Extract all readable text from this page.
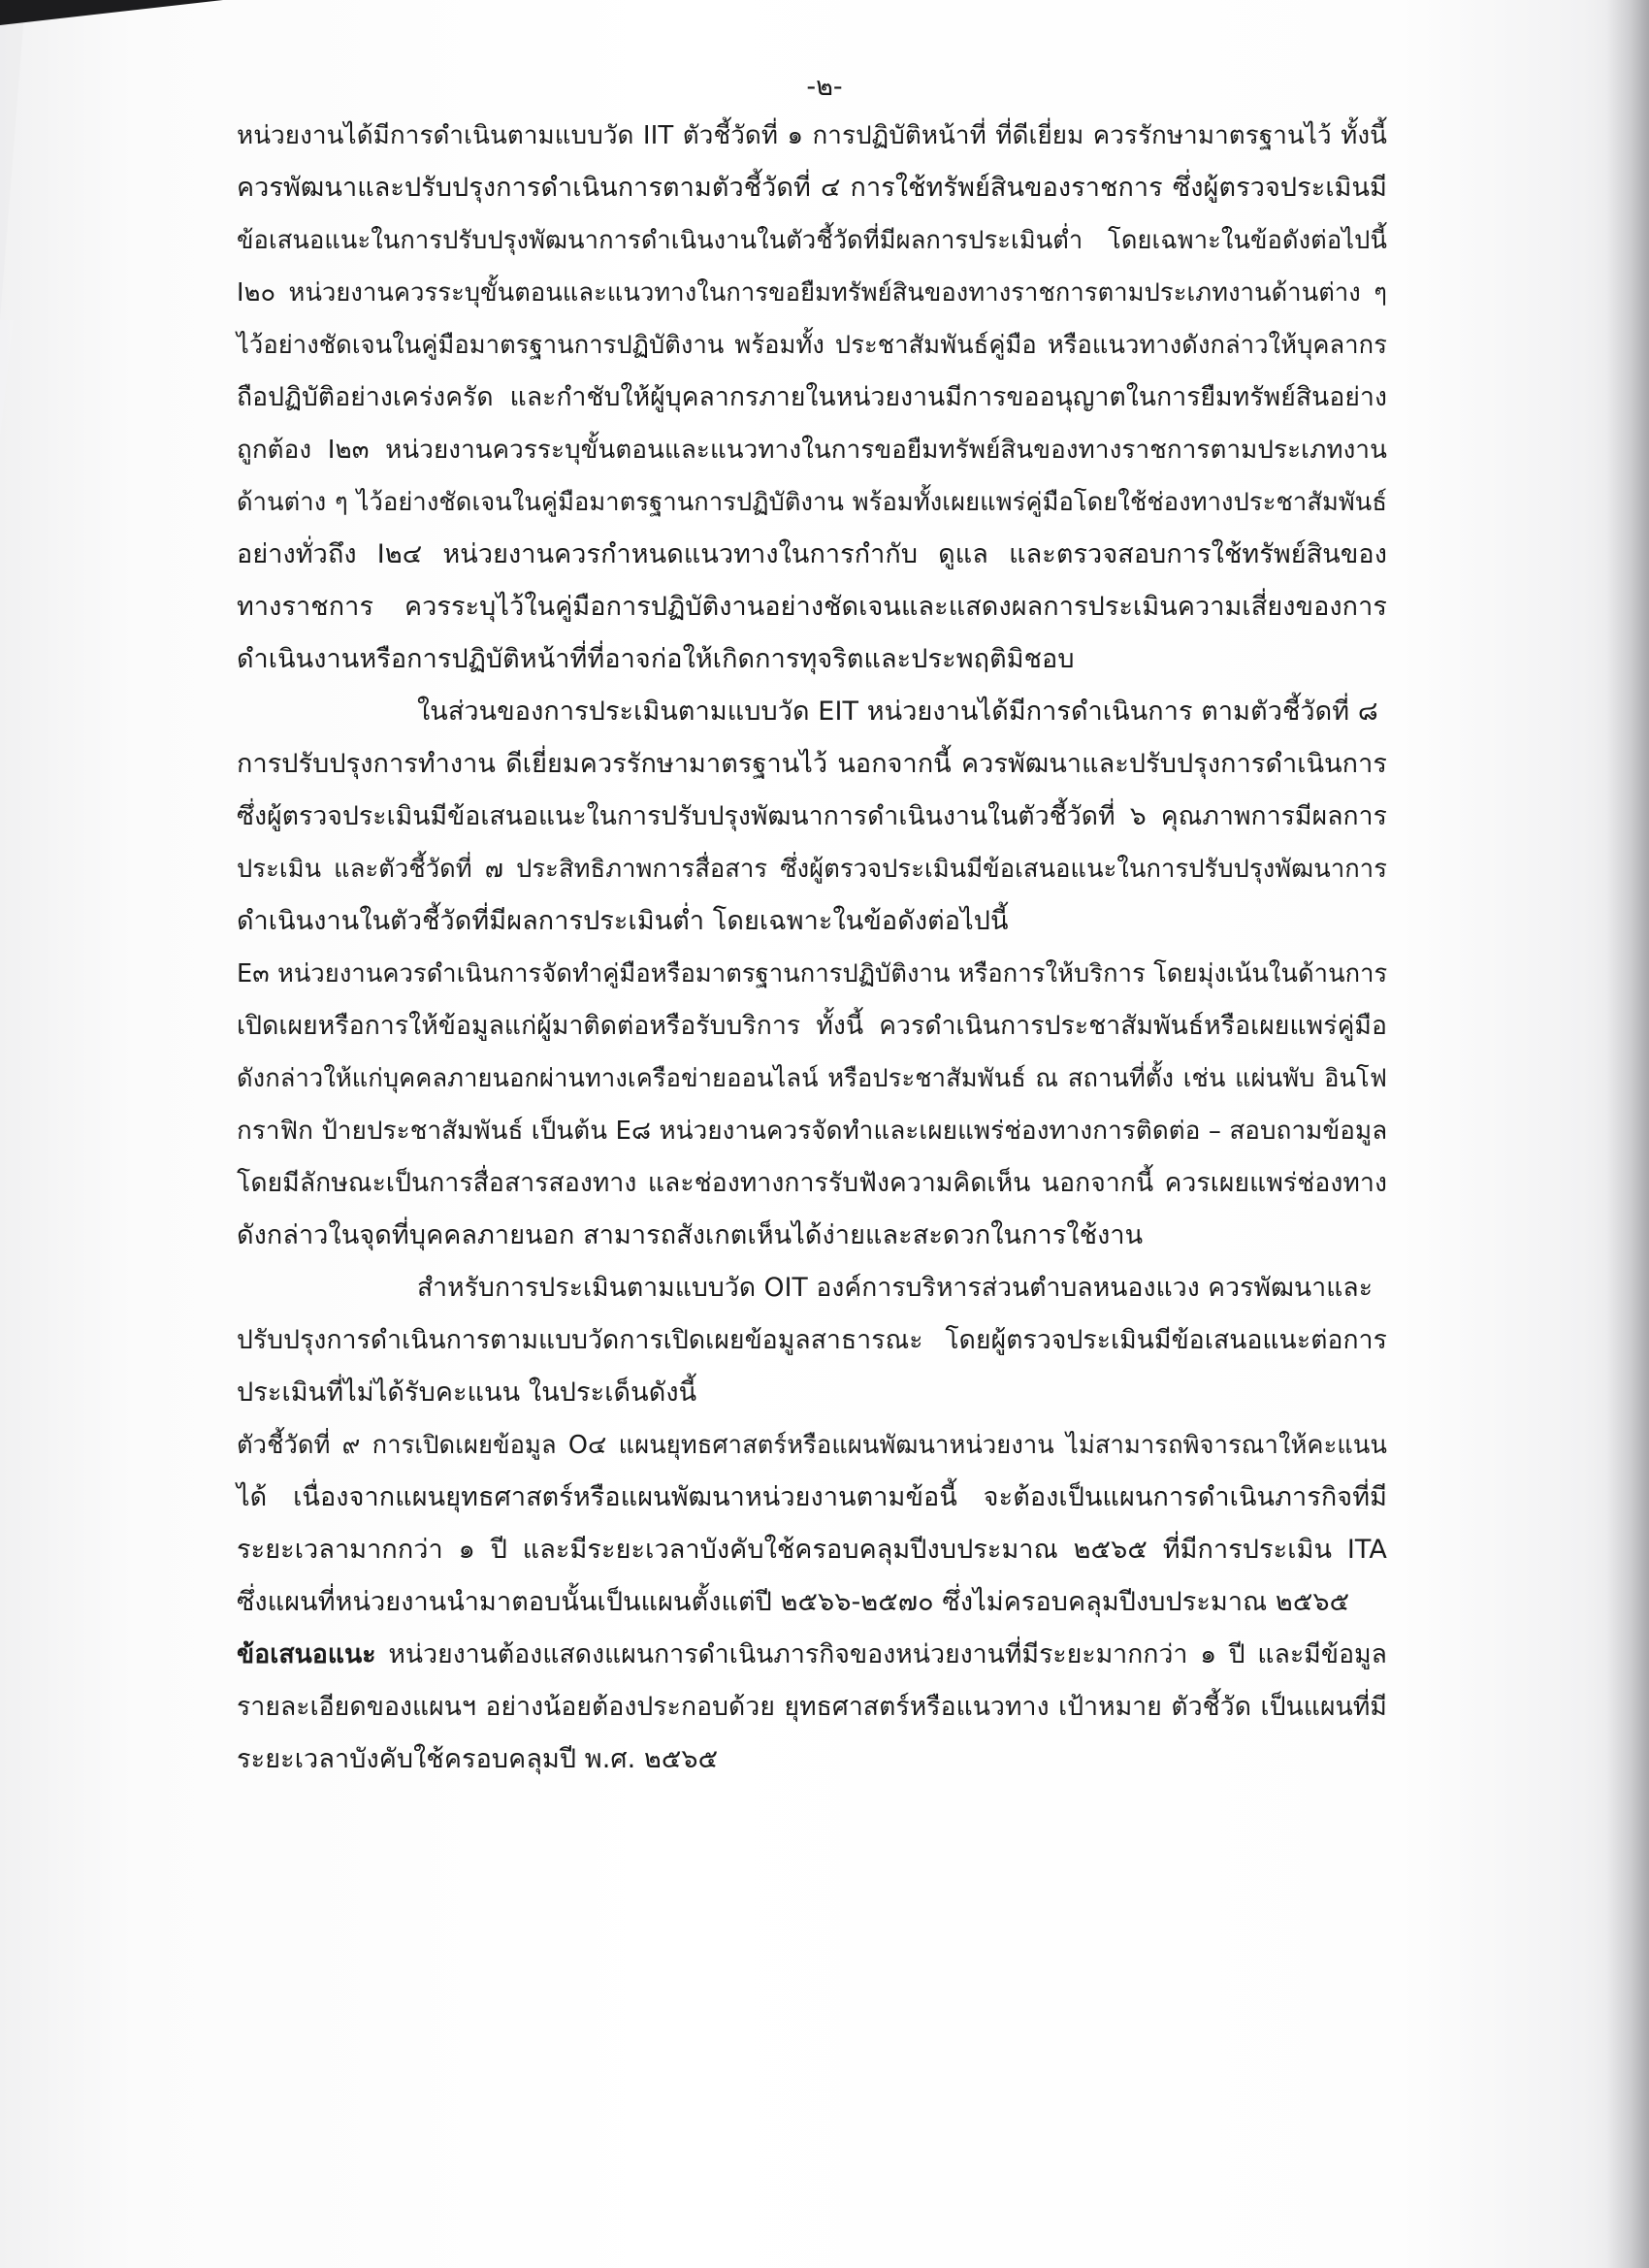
-๒-

หน่วยงานได้มีการดำเนินตามแบบวัด IIT ตัวชี้วัดที่ ๑ การปฏิบัติหน้าที่ ที่ดีเยี่ยม ควรรักษามาตรฐานไว้ ทั้งนี้
ควรพัฒนาและปรับปรุงการดำเนินการตามตัวชี้วัดที่ ๔ การใช้ทรัพย์สินของราชการ ซึ่งผู้ตรวจประเมินมี
ข้อเสนอแนะในการปรับปรุงพัฒนาการดำเนินงานในตัวชี้วัดที่มีผลการประเมินต่ำ โดยเฉพาะในข้อดังต่อไปนี้
I๒๐ หน่วยงานควรระบุขั้นตอนและแนวทางในการขอยืมทรัพย์สินของทางราชการตามประเภทงานด้านต่าง ๆ
ไว้อย่างชัดเจนในคู่มือมาตรฐานการปฏิบัติงาน พร้อมทั้ง ประชาสัมพันธ์คู่มือ หรือแนวทางดังกล่าวให้บุคลากร
ถือปฏิบัติอย่างเคร่งครัด และกำชับให้ผู้บุคลากรภายในหน่วยงานมีการขออนุญาตในการยืมทรัพย์สินอย่าง
ถูกต้อง I๒๓ หน่วยงานควรระบุขั้นตอนและแนวทางในการขอยืมทรัพย์สินของทางราชการตามประเภทงาน
ด้านต่าง ๆ ไว้อย่างชัดเจนในคู่มือมาตรฐานการปฏิบัติงาน พร้อมทั้งเผยแพร่คู่มือโดยใช้ช่องทางประชาสัมพันธ์
อย่างทั่วถึง I๒๔ หน่วยงานควรกำหนดแนวทางในการกำกับ ดูแล และตรวจสอบการใช้ทรัพย์สินของ
ทางราชการ ควรระบุไว้ในคู่มือการปฏิบัติงานอย่างชัดเจนและแสดงผลการประเมินความเสี่ยงของการ
ดำเนินงานหรือการปฏิบัติหน้าที่ที่อาจก่อให้เกิดการทุจริตและประพฤติมิชอบ

ในส่วนของการประเมินตามแบบวัด EIT หน่วยงานได้มีการดำเนินการ ตามตัวชี้วัดที่ ๘
การปรับปรุงการทำงาน ดีเยี่ยมควรรักษามาตรฐานไว้ นอกจากนี้ ควรพัฒนาและปรับปรุงการดำเนินการ
ซึ่งผู้ตรวจประเมินมีข้อเสนอแนะในการปรับปรุงพัฒนาการดำเนินงานในตัวชี้วัดที่ ๖ คุณภาพการมีผลการ
ประเมิน และตัวชี้วัดที่ ๗ ประสิทธิภาพการสื่อสาร ซึ่งผู้ตรวจประเมินมีข้อเสนอแนะในการปรับปรุงพัฒนาการ
ดำเนินงานในตัวชี้วัดที่มีผลการประเมินต่ำ โดยเฉพาะในข้อดังต่อไปนี้
E๓ หน่วยงานควรดำเนินการจัดทำคู่มือหรือมาตรฐานการปฏิบัติงาน หรือการให้บริการ โดยมุ่งเน้นในด้านการ
เปิดเผยหรือการให้ข้อมูลแก่ผู้มาติดต่อหรือรับบริการ ทั้งนี้ ควรดำเนินการประชาสัมพันธ์หรือเผยแพร่คู่มือ
ดังกล่าวให้แก่บุคคลภายนอกผ่านทางเครือข่ายออนไลน์ หรือประชาสัมพันธ์ ณ สถานที่ตั้ง เช่น แผ่นพับ อินโฟ
กราฟิก ป้ายประชาสัมพันธ์ เป็นต้น E๘ หน่วยงานควรจัดทำและเผยแพร่ช่องทางการติดต่อ – สอบถามข้อมูล
โดยมีลักษณะเป็นการสื่อสารสองทาง และช่องทางการรับฟังความคิดเห็น นอกจากนี้ ควรเผยแพร่ช่องทาง
ดังกล่าวในจุดที่บุคคลภายนอก สามารถสังเกตเห็นได้ง่ายและสะดวกในการใช้งาน

สำหรับการประเมินตามแบบวัด OIT องค์การบริหารส่วนตำบลหนองแวง ควรพัฒนาและ
ปรับปรุงการดำเนินการตามแบบวัดการเปิดเผยข้อมูลสาธารณะ โดยผู้ตรวจประเมินมีข้อเสนอแนะต่อการ
ประเมินที่ไม่ได้รับคะแนน ในประเด็นดังนี้
ตัวชี้วัดที่ ๙ การเปิดเผยข้อมูล O๔ แผนยุทธศาสตร์หรือแผนพัฒนาหน่วยงาน ไม่สามารถพิจารณาให้คะแนน
ได้ เนื่องจากแผนยุทธศาสตร์หรือแผนพัฒนาหน่วยงานตามข้อนี้ จะต้องเป็นแผนการดำเนินภารกิจที่มี
ระยะเวลามากกว่า ๑ ปี และมีระยะเวลาบังคับใช้ครอบคลุมปีงบประมาณ ๒๕๖๕ ที่มีการประเมิน ITA
ซึ่งแผนที่หน่วยงานนำมาตอบนั้นเป็นแผนตั้งแต่ปี ๒๕๖๖-๒๕๗๐ ซึ่งไม่ครอบคลุมปีงบประมาณ ๒๕๖๕

ข้อเสนอแนะ หน่วยงานต้องแสดงแผนการดำเนินภารกิจของหน่วยงานที่มีระยะมากกว่า ๑ ปี และมีข้อมูล
รายละเอียดของแผนฯ อย่างน้อยต้องประกอบด้วย ยุทธศาสตร์หรือแนวทาง เป้าหมาย ตัวชี้วัด เป็นแผนที่มี
ระยะเวลาบังคับใช้ครอบคลุมปี พ.ศ. ๒๕๖๕
